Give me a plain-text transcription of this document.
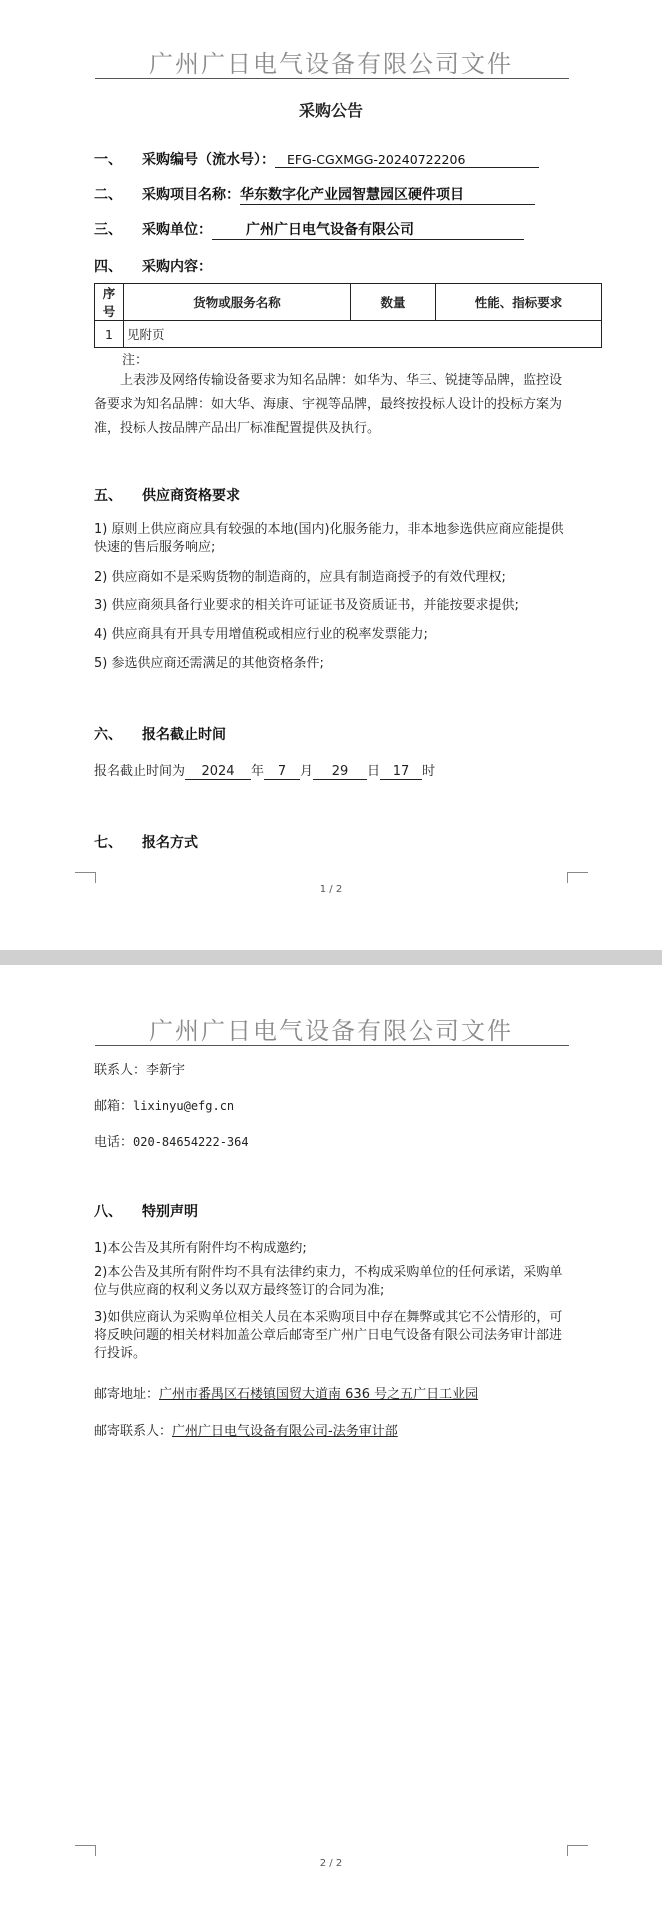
广州广日电气设备有限公司文件
采购公告
一、 采购编号（流水号）： EFG-CGXMGG-20240722206
二、 采购项目名称：华东数字化产业园智慧园区硬件项目
三、 采购单位： 广州广日电气设备有限公司
四、 采购内容：
序号	货物或服务名称	数量	性能、指标要求
1	见附页		
注：
上表涉及网络传输设备要求为知名品牌：如华为、华三、锐捷等品牌，监控设备要求为知名品牌：如大华、海康、宇视等品牌，最终按投标人设计的投标方案为准，投标人按品牌产品出厂标准配置提供及执行。
五、 供应商资格要求
1) 原则上供应商应具有较强的本地(国内)化服务能力，非本地参选供应商应能提供快速的售后服务响应;
2) 供应商如不是采购货物的制造商的，应具有制造商授予的有效代理权;
3) 供应商须具备行业要求的相关许可证证书及资质证书，并能按要求提供;
4) 供应商具有开具专用增值税或相应行业的税率发票能力;
5) 参选供应商还需满足的其他资格条件;
六、 报名截止时间
报名截止时间为 2024 年 7 月 29 日 17 时
七、 报名方式
1 / 2
广州广日电气设备有限公司文件
联系人：李新宇
邮箱：lixinyu@efg.cn
电话：020-84654222-364
八、 特别声明
1)本公告及其所有附件均不构成邀约;
2)本公告及其所有附件均不具有法律约束力，不构成采购单位的任何承诺，采购单位与供应商的权利义务以双方最终签订的合同为准;
3)如供应商认为采购单位相关人员在本采购项目中存在舞弊或其它不公情形的，可将反映问题的相关材料加盖公章后邮寄至广州广日电气设备有限公司法务审计部进行投诉。
邮寄地址：广州市番禺区石楼镇国贸大道南 636 号之五广日工业园
邮寄联系人：广州广日电气设备有限公司-法务审计部
2 / 2
